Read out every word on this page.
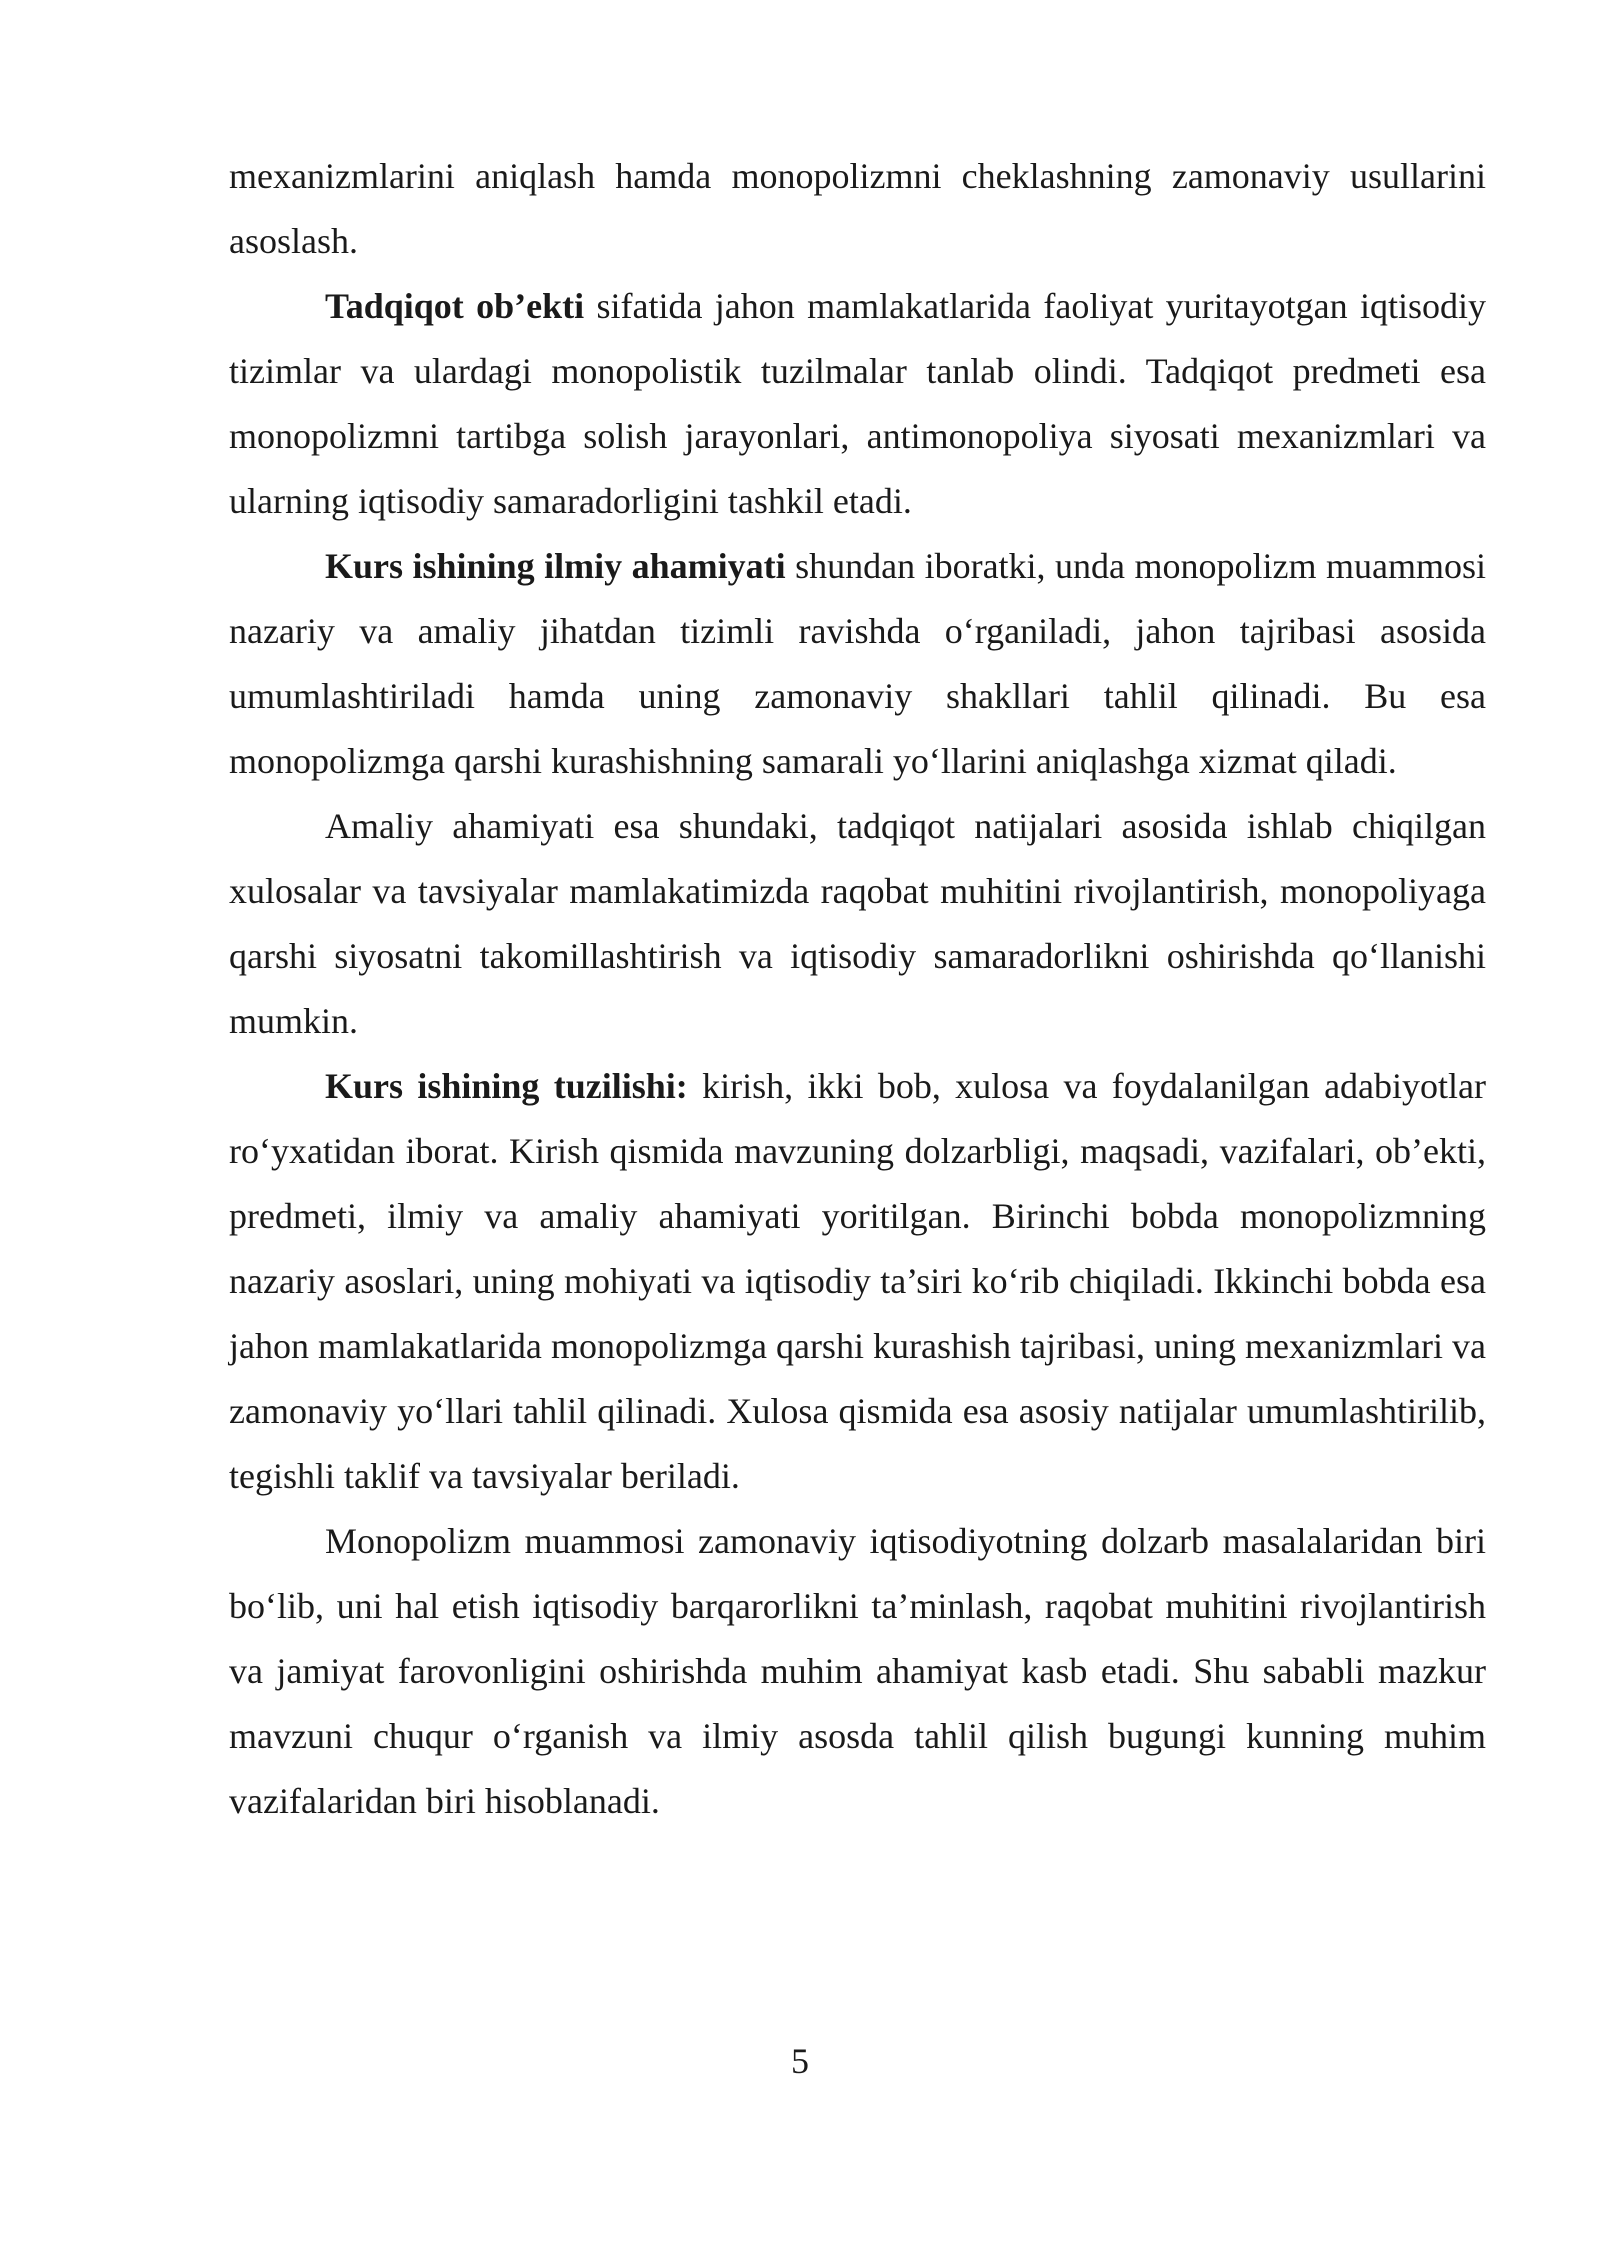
mexanizmlarini aniqlash hamda monopolizmni cheklashning zamonaviy usullarini asoslash.

Tadqiqot ob’ekti sifatida jahon mamlakatlarida faoliyat yuritayotgan iqtisodiy tizimlar va ulardagi monopolistik tuzilmalar tanlab olindi. Tadqiqot predmeti esa monopolizmni tartibga solish jarayonlari, antimonopoliya siyosati mexanizmlari va ularning iqtisodiy samaradorligini tashkil etadi.

Kurs ishining ilmiy ahamiyati shundan iboratki, unda monopolizm muammosi nazariy va amaliy jihatdan tizimli ravishda o‘rganiladi, jahon tajribasi asosida umumlashtiriladi hamda uning zamonaviy shakllari tahlil qilinadi. Bu esa monopolizmga qarshi kurashishning samarali yo‘llarini aniqlashga xizmat qiladi.

Amaliy ahamiyati esa shundaki, tadqiqot natijalari asosida ishlab chiqilgan xulosalar va tavsiyalar mamlakatimizda raqobat muhitini rivojlantirish, monopoliyaga qarshi siyosatni takomillashtirish va iqtisodiy samaradorlikni oshirishda qo‘llanishi mumkin.

Kurs ishining tuzilishi: kirish, ikki bob, xulosa va foydalanilgan adabiyotlar ro‘yxatidan iborat. Kirish qismida mavzuning dolzarbligi, maqsadi, vazifalari, ob’ekti, predmeti, ilmiy va amaliy ahamiyati yoritilgan. Birinchi bobda monopolizmning nazariy asoslari, uning mohiyati va iqtisodiy ta’siri ko‘rib chiqiladi. Ikkinchi bobda esa jahon mamlakatlarida monopolizmga qarshi kurashish tajribasi, uning mexanizmlari va zamonaviy yo‘llari tahlil qilinadi. Xulosa qismida esa asosiy natijalar umumlashtirilib, tegishli taklif va tavsiyalar beriladi.

Monopolizm muammosi zamonaviy iqtisodiyotning dolzarb masalalaridan biri bo‘lib, uni hal etish iqtisodiy barqarorlikni ta’minlash, raqobat muhitini rivojlantirish va jamiyat farovonligini oshirishda muhim ahamiyat kasb etadi. Shu sababli mazkur mavzuni chuqur o‘rganish va ilmiy asosda tahlil qilish bugungi kunning muhim vazifalaridan biri hisoblanadi.

5
